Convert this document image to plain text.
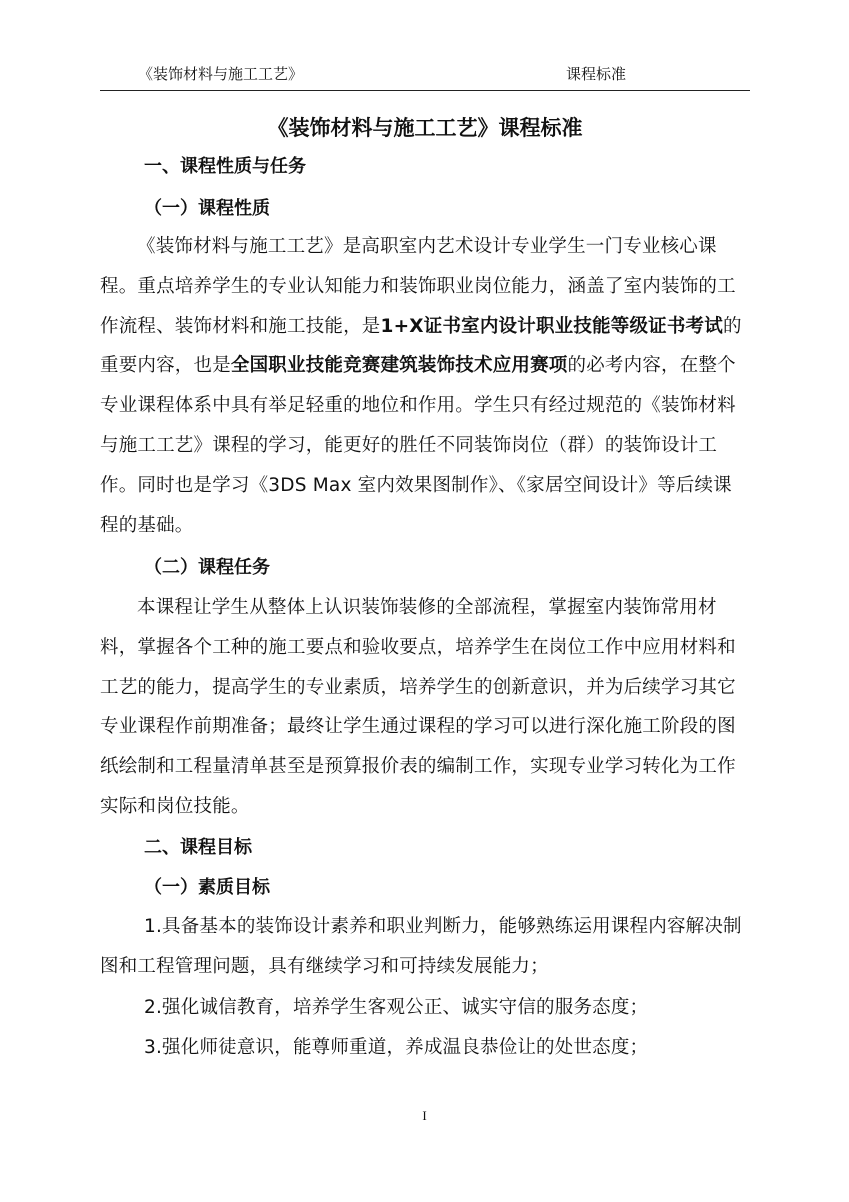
《装饰材料与施工工艺》	课程标准
《装饰材料与施工工艺》课程标准
一、课程性质与任务
（一）课程性质

《装饰材料与施工工艺》是高职室内艺术设计专业学生一门专业核心课程。重点培养学生的专业认知能力和装饰职业岗位能力，涵盖了室内装饰的工作流程、装饰材料和施工技能，是1+X证书室内设计职业技能等级证书考试的重要内容，也是全国职业技能竞赛建筑装饰技术应用赛项的必考内容，在整个专业课程体系中具有举足轻重的地位和作用。学生只有经过规范的《装饰材料与施工工艺》课程的学习，能更好的胜任不同装饰岗位（群）的装饰设计工作。同时也是学习《3DS Max 室内效果图制作》、《家居空间设计》等后续课程的基础。

（二）课程任务

本课程让学生从整体上认识装饰装修的全部流程，掌握室内装饰常用材料，掌握各个工种的施工要点和验收要点，培养学生在岗位工作中应用材料和工艺的能力，提高学生的专业素质，培养学生的创新意识，并为后续学习其它专业课程作前期准备；最终让学生通过课程的学习可以进行深化施工阶段的图纸绘制和工程量清单甚至是预算报价表的编制工作，实现专业学习转化为工作实际和岗位技能。

二、课程目标
（一）素质目标

1.具备基本的装饰设计素养和职业判断力，能够熟练运用课程内容解决制图和工程管理问题，具有继续学习和可持续发展能力；

2.强化诚信教育，培养学生客观公正、诚实守信的服务态度；

3.强化师徒意识，能尊师重道，养成温良恭俭让的处世态度；

I
